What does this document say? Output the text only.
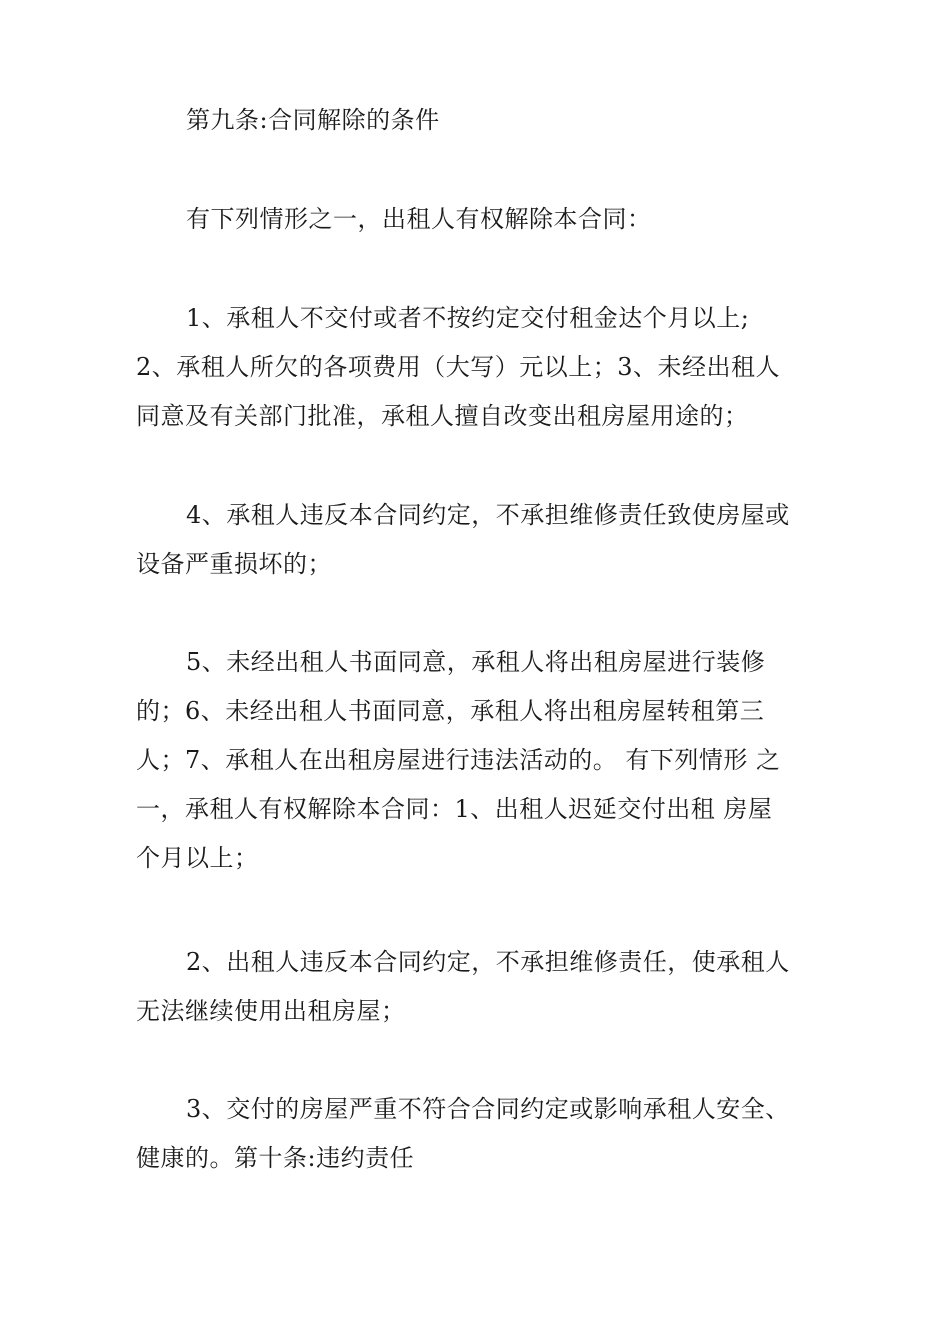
第九条:合同解除的条件

有下列情形之一，出租人有权解除本合同：

1、承租人不交付或者不按约定交付租金达个月以上;
2、承租人所欠的各项费用（大写）元以上；3、未经出租人
同意及有关部门批准，承租人擅自改变出租房屋用途的；

4、承租人违反本合同约定，不承担维修责任致使房屋或
设备严重损坏的；

5、未经出租人书面同意，承租人将出租房屋进行装修
的；6、未经出租人书面同意，承租人将出租房屋转租第三
人；7、承租人在出租房屋进行违法活动的。 有下列情形 之
一，承租人有权解除本合同：1、出租人迟延交付出租 房屋
个月以上；

2、出租人违反本合同约定，不承担维修责任，使承租人
无法继续使用出租房屋；

3、交付的房屋严重不符合合同约定或影响承租人安全、
健康的。第十条:违约责任
